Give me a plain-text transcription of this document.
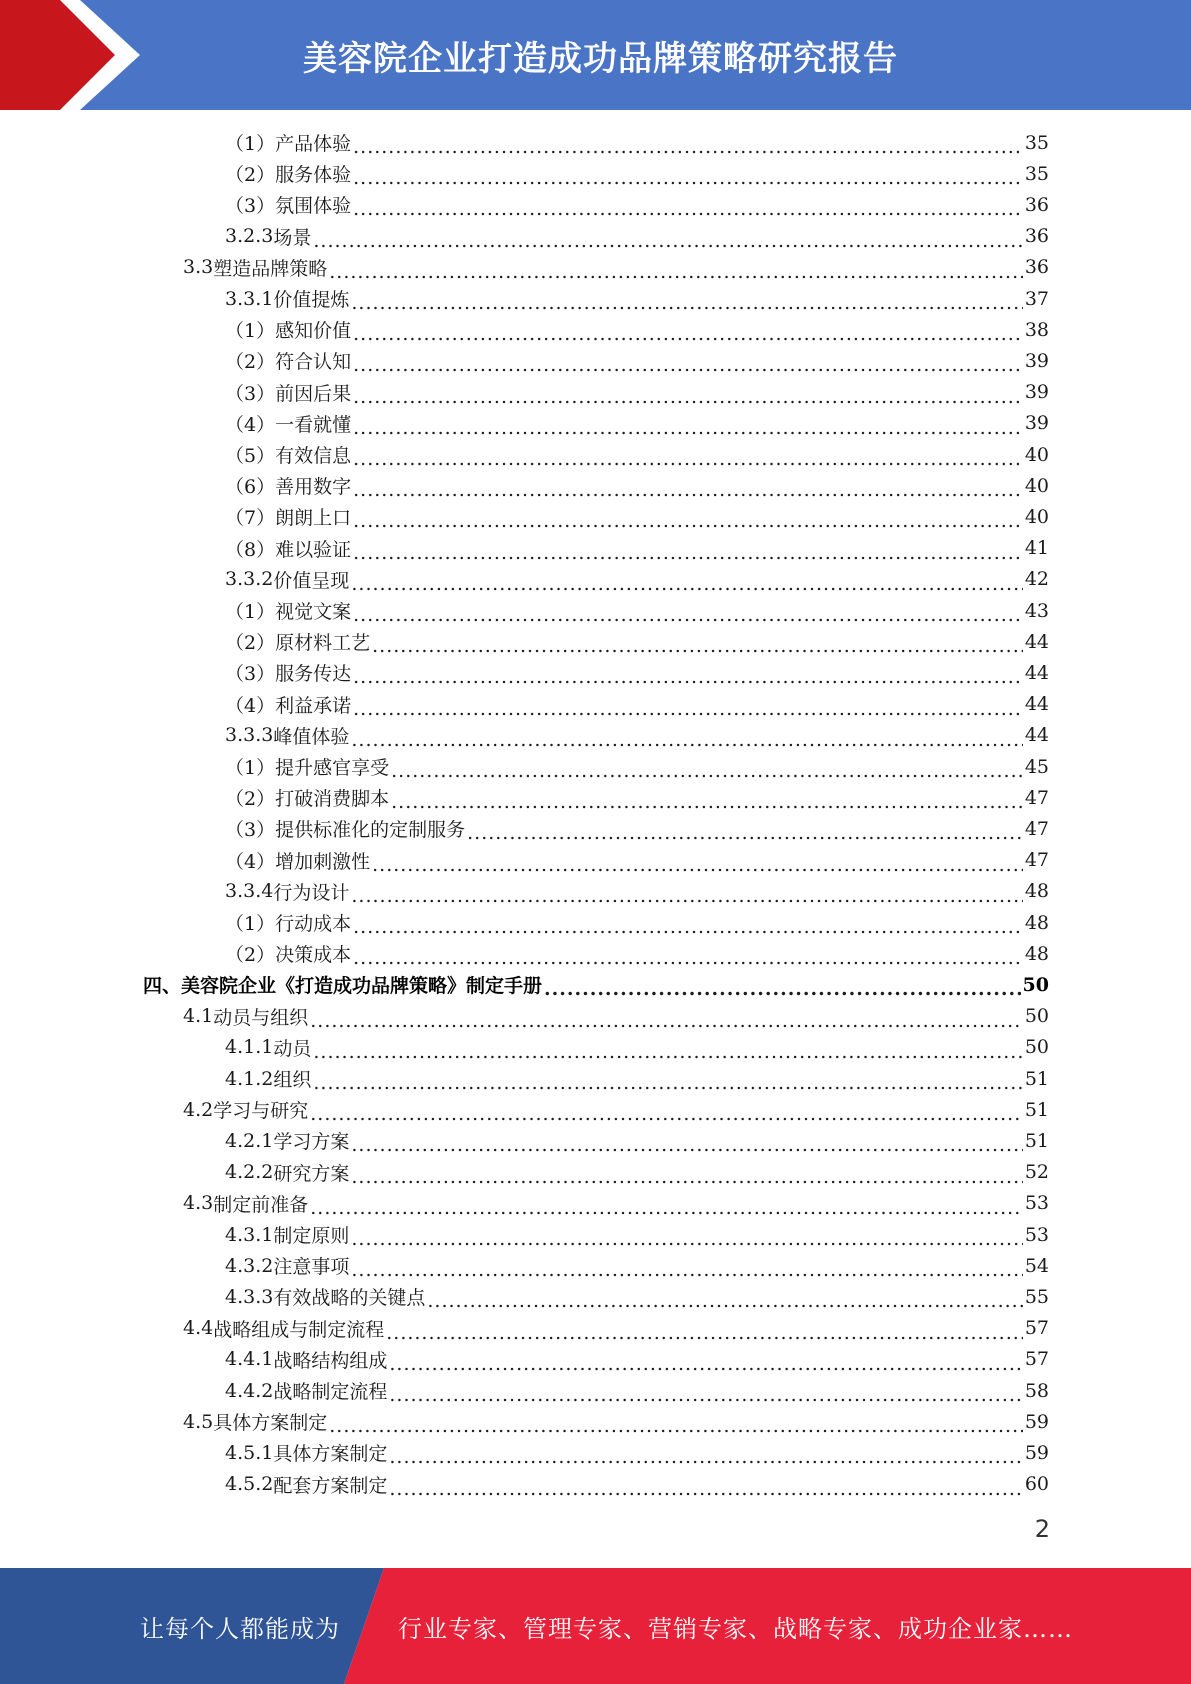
美容院企业打造成功品牌策略研究报告
（1） 产品体验 .....	35
（2） 服务体验 .....	35
（3） 氛围体验 .....	36
3.2.3 场景 .....	36
3.3 塑造品牌策略 .....	36
3.3.1 价值提炼 .....	37
（1） 感知价值 .....	38
（2） 符合认知 .....	39
（3） 前因后果 .....	39
（4） 一看就懂 .....	39
（5） 有效信息 .....	40
（6） 善用数字 .....	40
（7） 朗朗上口 .....	40
（8） 难以验证 .....	41
3.3.2 价值呈现 .....	42
（1） 视觉文案 .....	43
（2） 原材料工艺 .....	44
（3） 服务传达 .....	44
（4） 利益承诺 .....	44
3.3.3 峰值体验 .....	44
（1） 提升感官享受 .....	45
（2） 打破消费脚本 .....	47
（3） 提供标准化的定制服务 .....	47
（4） 增加刺激性 .....	47
3.3.4 行为设计 .....	48
（1） 行动成本 .....	48
（2） 决策成本 .....	48
四、美容院企业《打造成功品牌策略》制定手册 .....	50
4.1 动员与组织 .....	50
4.1.1 动员 .....	50
4.1.2 组织 .....	51
4.2 学习与研究 .....	51
4.2.1 学习方案 .....	51
4.2.2 研究方案 .....	52
4.3 制定前准备 .....	53
4.3.1 制定原则 .....	53
4.3.2 注意事项 .....	54
4.3.3 有效战略的关键点 .....	55
4.4 战略组成与制定流程 .....	57
4.4.1 战略结构组成 .....	57
4.4.2 战略制定流程 .....	58
4.5 具体方案制定 .....	59
4.5.1 具体方案制定 .....	59
4.5.2 配套方案制定 .....	60
2
让每个人都能成为	行业专家、管理专家、营销专家、战略专家、成功企业家……
